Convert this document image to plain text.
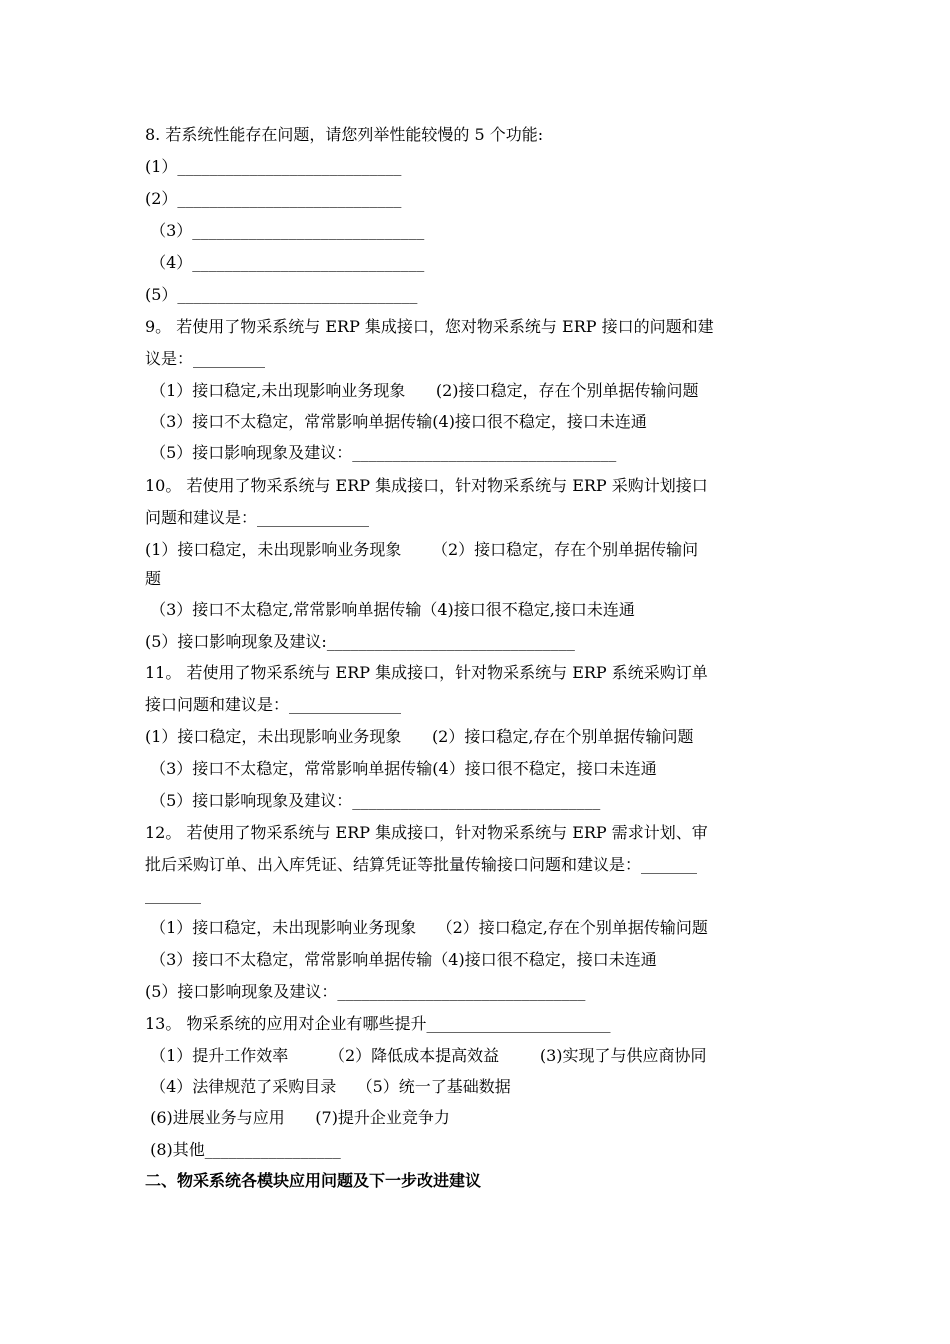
8. 若系统性能存在问题，请您列举性能较慢的 5 个功能:
(1）____________________________
(2）____________________________
（3）_____________________________
（4）_____________________________
(5）______________________________
9。 若使用了物采系统与 ERP 集成接口，您对物采系统与 ERP 接口的问题和建
议是：_________
（1）接口稳定,未出现影响业务现象      (2)接口稳定，存在个别单据传输问题
（3）接口不太稳定，常常影响单据传输(4)接口很不稳定，接口未连通
（5）接口影响现象及建议：_________________________________
10。 若使用了物采系统与 ERP 集成接口，针对物采系统与 ERP 采购计划接口
问题和建议是：______________
(1）接口稳定，未出现影响业务现象      （2）接口稳定，存在个别单据传输问
题
（3）接口不太稳定,常常影响单据传输（4)接口很不稳定,接口未连通
(5）接口影响现象及建议:_______________________________
11。 若使用了物采系统与 ERP 集成接口，针对物采系统与 ERP 系统采购订单
接口问题和建议是：______________
(1）接口稳定，未出现影响业务现象      (2）接口稳定,存在个别单据传输问题
（3）接口不太稳定，常常影响单据传输(4）接口很不稳定，接口未连通
（5）接口影响现象及建议：_______________________________
12。 若使用了物采系统与 ERP 集成接口，针对物采系统与 ERP 需求计划、审
批后采购订单、出入库凭证、结算凭证等批量传输接口问题和建议是：_______
_______
（1）接口稳定，未出现影响业务现象    （2）接口稳定,存在个别单据传输问题
（3）接口不太稳定，常常影响单据传输（4)接口很不稳定，接口未连通
(5）接口影响现象及建议：_______________________________
13。 物采系统的应用对企业有哪些提升_______________________
（1）提升工作效率        （2）降低成本提高效益        (3)实现了与供应商协同
（4）法律规范了采购目录    （5）统一了基础数据
(6)进展业务与应用      (7)提升企业竞争力
(8)其他_________________
二、物采系统各模块应用问题及下一步改进建议
